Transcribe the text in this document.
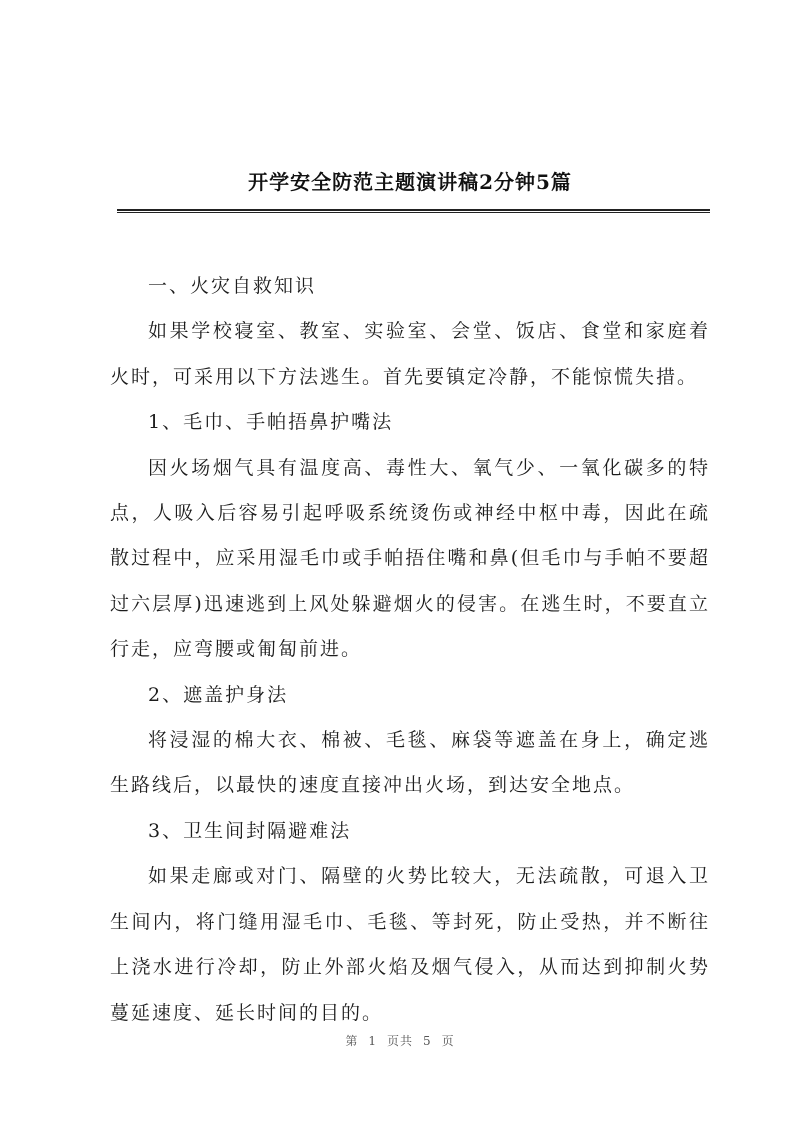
开学安全防范主题演讲稿2分钟5篇

一、火灾自救知识

如果学校寝室、教室、实验室、会堂、饭店、食堂和家庭着火时，可采用以下方法逃生。首先要镇定冷静，不能惊慌失措。

1、毛巾、手帕捂鼻护嘴法

因火场烟气具有温度高、毒性大、氧气少、一氧化碳多的特点，人吸入后容易引起呼吸系统烫伤或神经中枢中毒，因此在疏散过程中，应采用湿毛巾或手帕捂住嘴和鼻(但毛巾与手帕不要超过六层厚)迅速逃到上风处躲避烟火的侵害。在逃生时，不要直立行走，应弯腰或匍匐前进。

2、遮盖护身法

将浸湿的棉大衣、棉被、毛毯、麻袋等遮盖在身上，确定逃生路线后，以最快的速度直接冲出火场，到达安全地点。

3、卫生间封隔避难法

如果走廊或对门、隔壁的火势比较大，无法疏散，可退入卫生间内，将门缝用湿毛巾、毛毯、等封死，防止受热，并不断往上浇水进行冷却，防止外部火焰及烟气侵入，从而达到抑制火势蔓延速度、延长时间的目的。

第 1 页共 5 页
